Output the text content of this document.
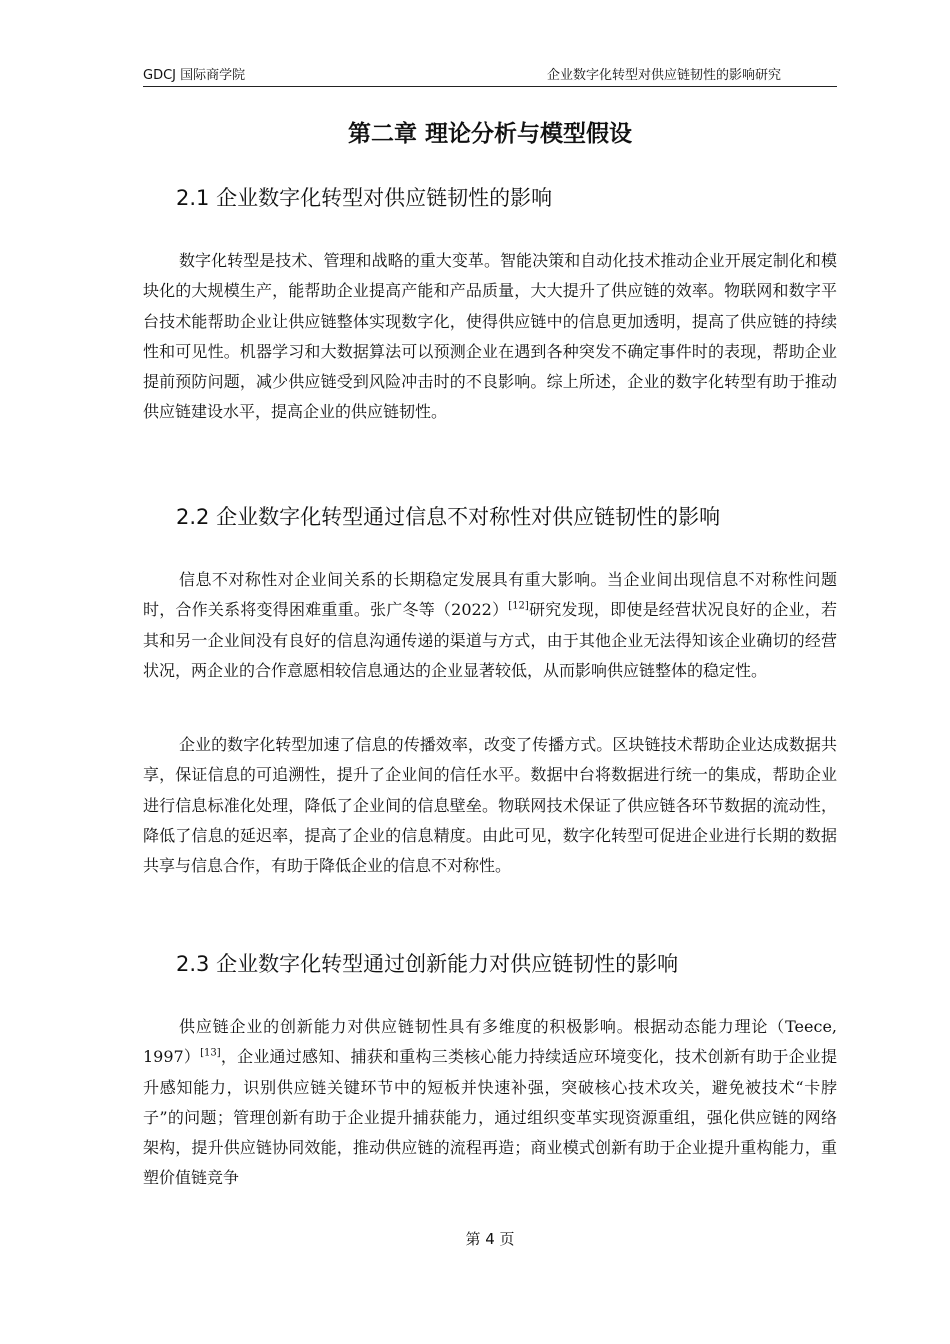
GDCJ 国际商学院	企业数字化转型对供应链韧性的影响研究
第二章 理论分析与模型假设
2.1 企业数字化转型对供应链韧性的影响

数字化转型是技术、管理和战略的重大变革。智能决策和自动化技术推动企业开展定制化和模块化的大规模生产，能帮助企业提高产能和产品质量，大大提升了供应链的效率。物联网和数字平台技术能帮助企业让供应链整体实现数字化，使得供应链中的信息更加透明，提高了供应链的持续性和可见性。机器学习和大数据算法可以预测企业在遇到各种突发不确定事件时的表现，帮助企业提前预防问题，减少供应链受到风险冲击时的不良影响。综上所述，企业的数字化转型有助于推动供应链建设水平，提高企业的供应链韧性。

2.2 企业数字化转型通过信息不对称性对供应链韧性的影响

信息不对称性对企业间关系的长期稳定发展具有重大影响。当企业间出现信息不对称性问题时，合作关系将变得困难重重。张广冬等（2022）[12]研究发现，即使是经营状况良好的企业，若其和另一企业间没有良好的信息沟通传递的渠道与方式，由于其他企业无法得知该企业确切的经营状况，两企业的合作意愿相较信息通达的企业显著较低，从而影响供应链整体的稳定性。

企业的数字化转型加速了信息的传播效率，改变了传播方式。区块链技术帮助企业达成数据共享，保证信息的可追溯性，提升了企业间的信任水平。数据中台将数据进行统一的集成，帮助企业进行信息标准化处理，降低了企业间的信息壁垒。物联网技术保证了供应链各环节数据的流动性，降低了信息的延迟率，提高了企业的信息精度。由此可见，数字化转型可促进企业进行长期的数据共享与信息合作，有助于降低企业的信息不对称性。

2.3 企业数字化转型通过创新能力对供应链韧性的影响

供应链企业的创新能力对供应链韧性具有多维度的积极影响。根据动态能力理论（Teece, 1997）[13]，企业通过感知、捕获和重构三类核心能力持续适应环境变化，技术创新有助于企业提升感知能力，识别供应链关键环节中的短板并快速补强，突破核心技术攻关，避免被技术“卡脖子”的问题；管理创新有助于企业提升捕获能力，通过组织变革实现资源重组，强化供应链的网络架构，提升供应链协同效能，推动供应链的流程再造；商业模式创新有助于企业提升重构能力，重塑价值链竞争

第 4 页
